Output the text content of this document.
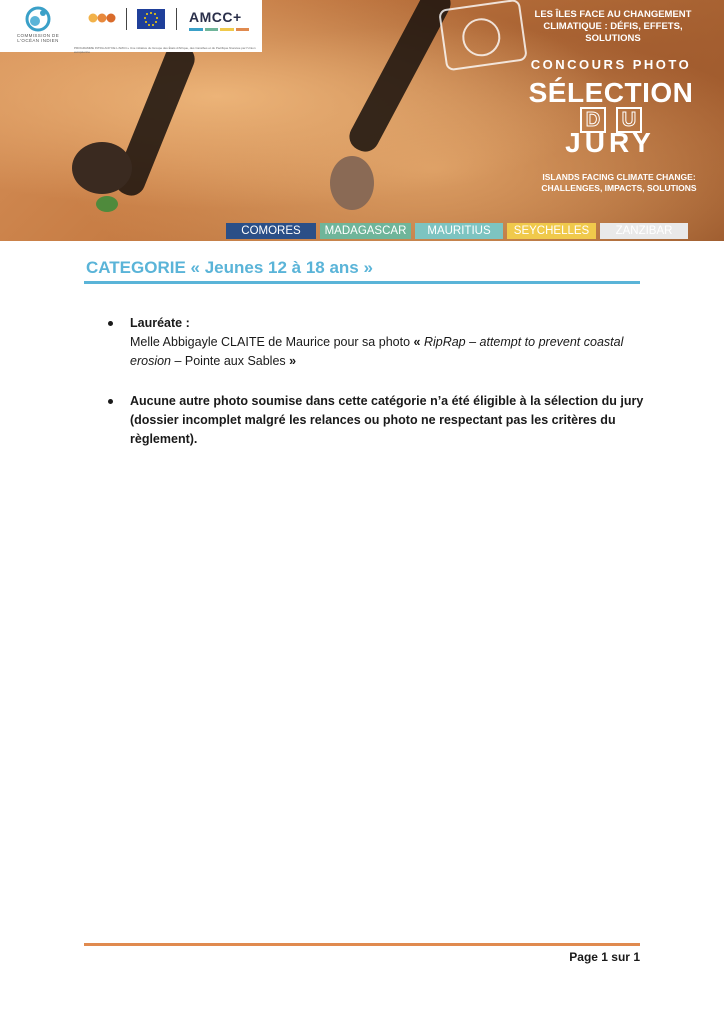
COMMISSION DE L'OCÉAN INDIEN
AMCC+
PROGRAMME INTRA ACP DE L'AMCC+ Une initiative du Groupe des États d'Afrique, des Caraïbes et du Pacifique financée par l'Union européenne
LES ÎLES FACE AU CHANGEMENT CLIMATIQUE : DÉFIS, EFFETS, SOLUTIONS
CONCOURS PHOTO
SÉLECTION
D U
JURY
ISLANDS FACING CLIMATE CHANGE: CHALLENGES, IMPACTS, SOLUTIONS
COMORES	MADAGASCAR	MAURITIUS	SEYCHELLES	ZANZIBAR
CATEGORIE « Jeunes 12 à 18 ans »
Lauréate :
Melle Abbigayle CLAITE de Maurice pour sa photo « RipRap – attempt to prevent coastal erosion – Pointe aux Sables »
Aucune autre photo soumise dans cette catégorie n’a été éligible à la sélection du jury (dossier incomplet malgré les relances ou photo ne respectant pas les critères du règlement).
Page 1 sur 1
